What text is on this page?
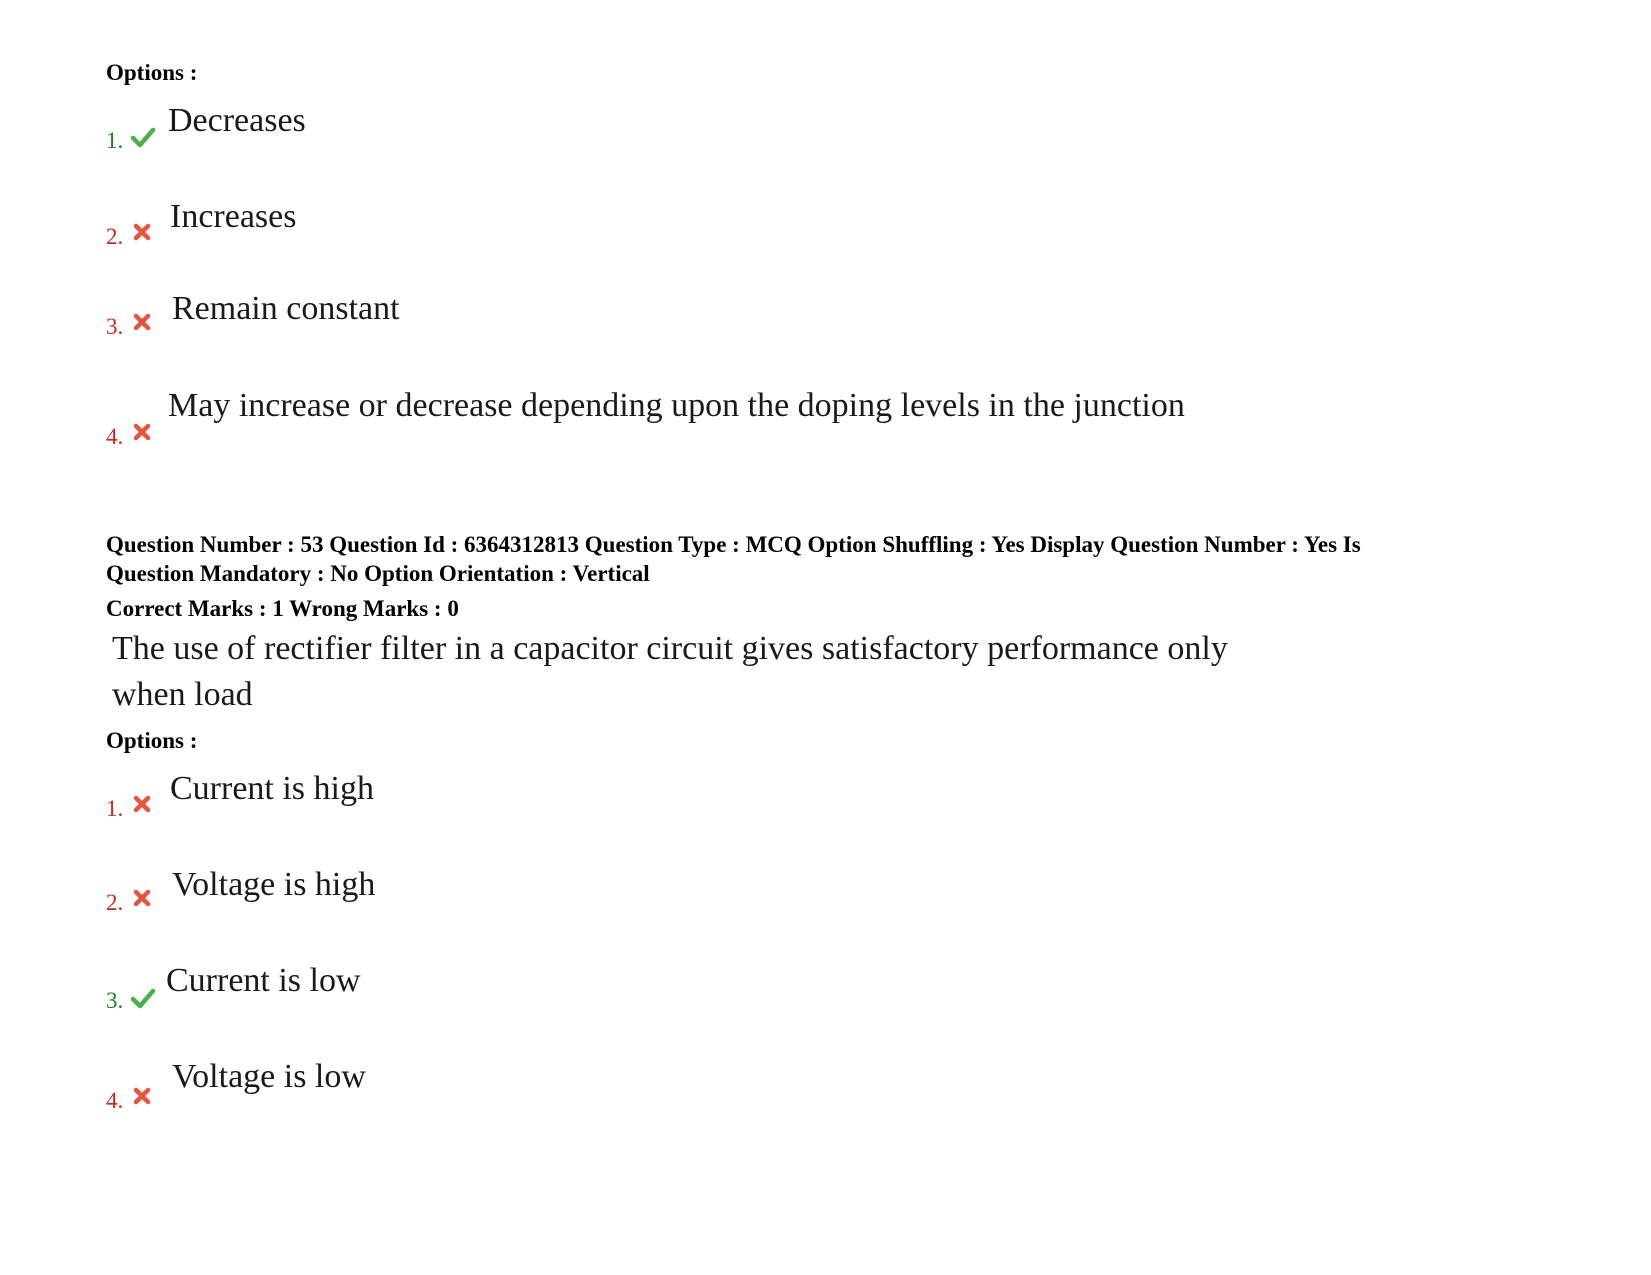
Options :
1.
Decreases
2.
Increases
3. Remain constant
4.
May increase or decrease depending upon the doping levels in the junction
Question Number : 53 Question Id : 6364312813 Question Type : MCQ Option Shuffling : Yes Display Question Number : Yes Is
Question Mandatory : No Option Orientation : Vertical
Correct Marks : 1 Wrong Marks : 0
The use of rectifier filter in a capacitor circuit gives satisfactory performance only
when load
Options :
1.
Current is high
2. Voltage is high
3.
Current is low
4.
Voltage is low
